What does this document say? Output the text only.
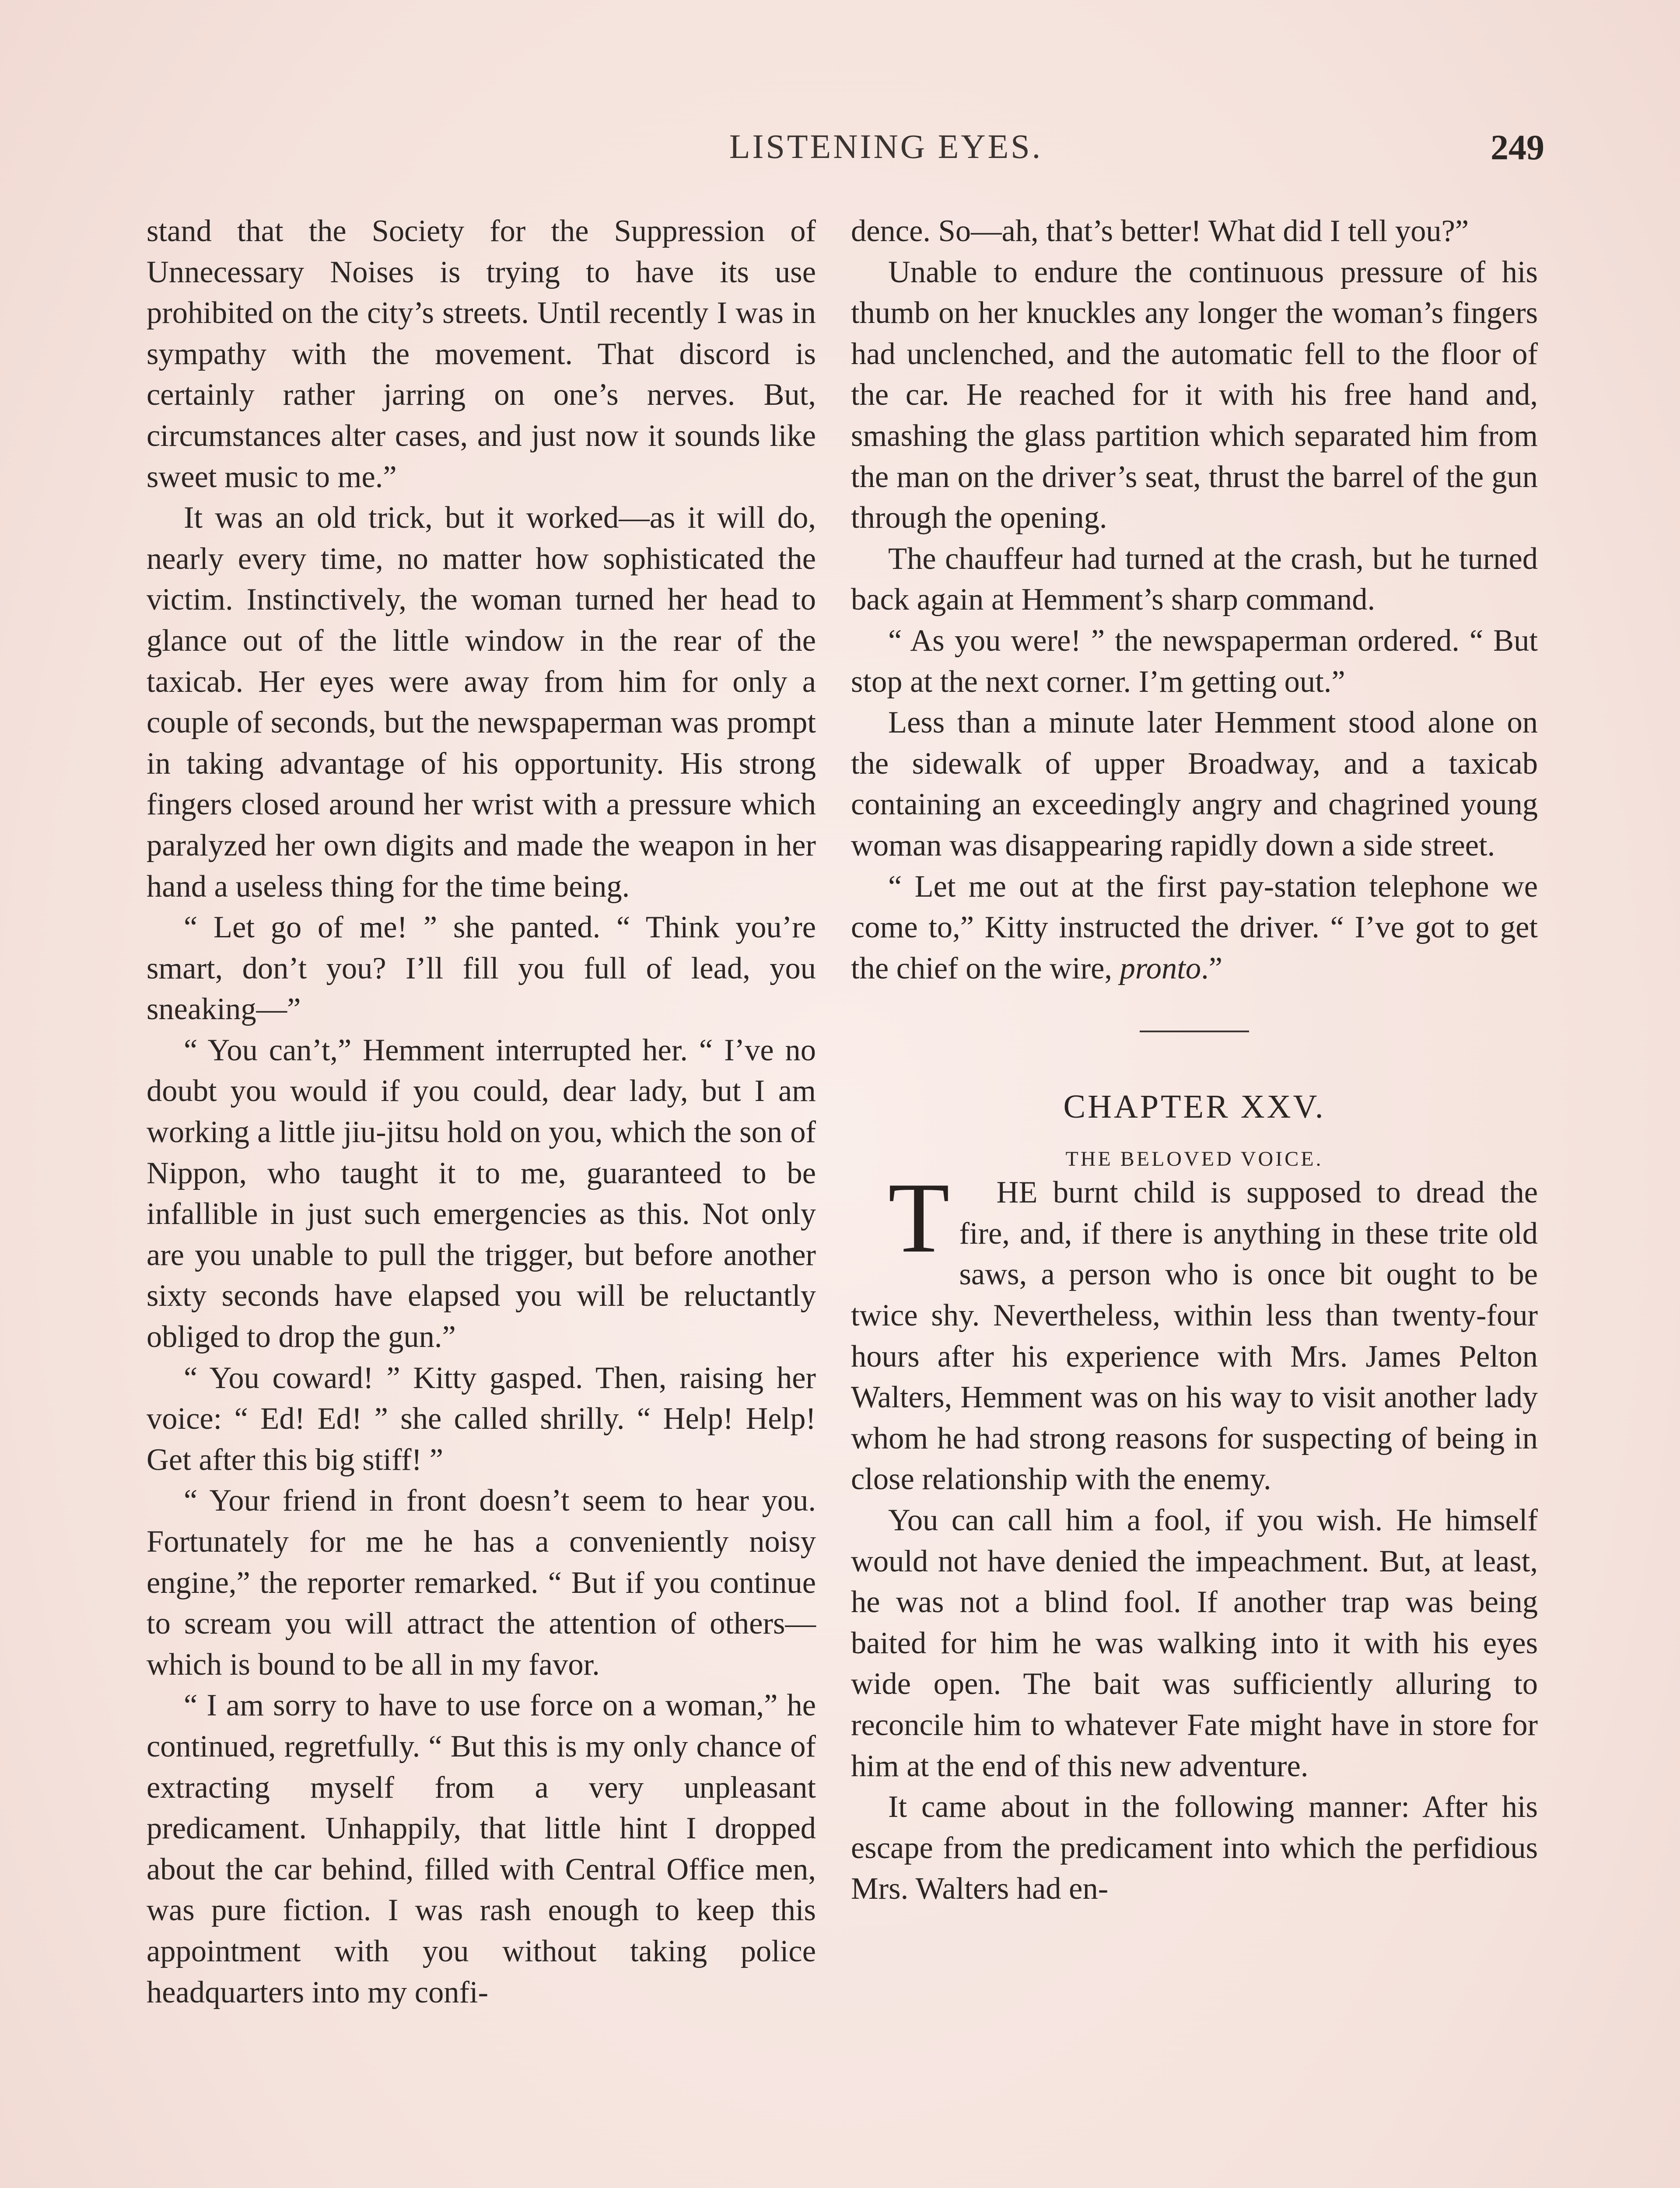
LISTENING EYES.	249

stand that the Society for the Suppression of Unnecessary Noises is trying to have its use prohibited on the city’s streets. Until recently I was in sympathy with the movement. That discord is certainly rather jarring on one’s nerves. But, circumstances alter cases, and just now it sounds like sweet music to me.”

It was an old trick, but it worked—as it will do, nearly every time, no matter how sophisticated the victim. Instinctively, the woman turned her head to glance out of the little window in the rear of the taxicab. Her eyes were away from him for only a couple of seconds, but the newspaperman was prompt in taking advantage of his opportunity. His strong fingers closed around her wrist with a pressure which paralyzed her own digits and made the weapon in her hand a useless thing for the time being.

“ Let go of me! ” she panted. “ Think you’re smart, don’t you? I’ll fill you full of lead, you sneaking—”

“ You can’t,” Hemment interrupted her. “ I’ve no doubt you would if you could, dear lady, but I am working a little jiu-jitsu hold on you, which the son of Nippon, who taught it to me, guaranteed to be infallible in just such emergencies as this. Not only are you unable to pull the trigger, but before another sixty seconds have elapsed you will be reluctantly obliged to drop the gun.”

“ You coward! ” Kitty gasped. Then, raising her voice: “ Ed! Ed! ” she called shrilly. “ Help! Help! Get after this big stiff! ”

“ Your friend in front doesn’t seem to hear you. Fortunately for me he has a conveniently noisy engine,” the reporter remarked. “ But if you continue to scream you will attract the attention of others—which is bound to be all in my favor.

“ I am sorry to have to use force on a woman,” he continued, regretfully. “ But this is my only chance of extracting myself from a very unpleasant predicament. Unhappily, that little hint I dropped about the car behind, filled with Central Office men, was pure fiction. I was rash enough to keep this appointment with you without taking police headquarters into my confi-

dence. So—ah, that’s better! What did I tell you?”

Unable to endure the continuous pressure of his thumb on her knuckles any longer the woman’s fingers had unclenched, and the automatic fell to the floor of the car. He reached for it with his free hand and, smashing the glass partition which separated him from the man on the driver’s seat, thrust the barrel of the gun through the opening.

The chauffeur had turned at the crash, but he turned back again at Hemment’s sharp command.

“ As you were! ” the newspaperman ordered. “ But stop at the next corner. I’m getting out.”

Less than a minute later Hemment stood alone on the sidewalk of upper Broadway, and a taxicab containing an exceedingly angry and chagrined young woman was disappearing rapidly down a side street.

“ Let me out at the first pay-station telephone we come to,” Kitty instructed the driver. “ I’ve got to get the chief on the wire, pronto.”

CHAPTER XXV.
THE BELOVED VOICE.

T HE burnt child is supposed to dread the fire, and, if there is anything in these trite old saws, a person who is once bit ought to be twice shy. Nevertheless, within less than twenty-four hours after his experience with Mrs. James Pelton Walters, Hemment was on his way to visit another lady whom he had strong reasons for suspecting of being in close relationship with the enemy.

You can call him a fool, if you wish. He himself would not have denied the impeachment. But, at least, he was not a blind fool. If another trap was being baited for him he was walking into it with his eyes wide open. The bait was sufficiently alluring to reconcile him to whatever Fate might have in store for him at the end of this new adventure.

It came about in the following manner: After his escape from the predicament into which the perfidious Mrs. Walters had en-
